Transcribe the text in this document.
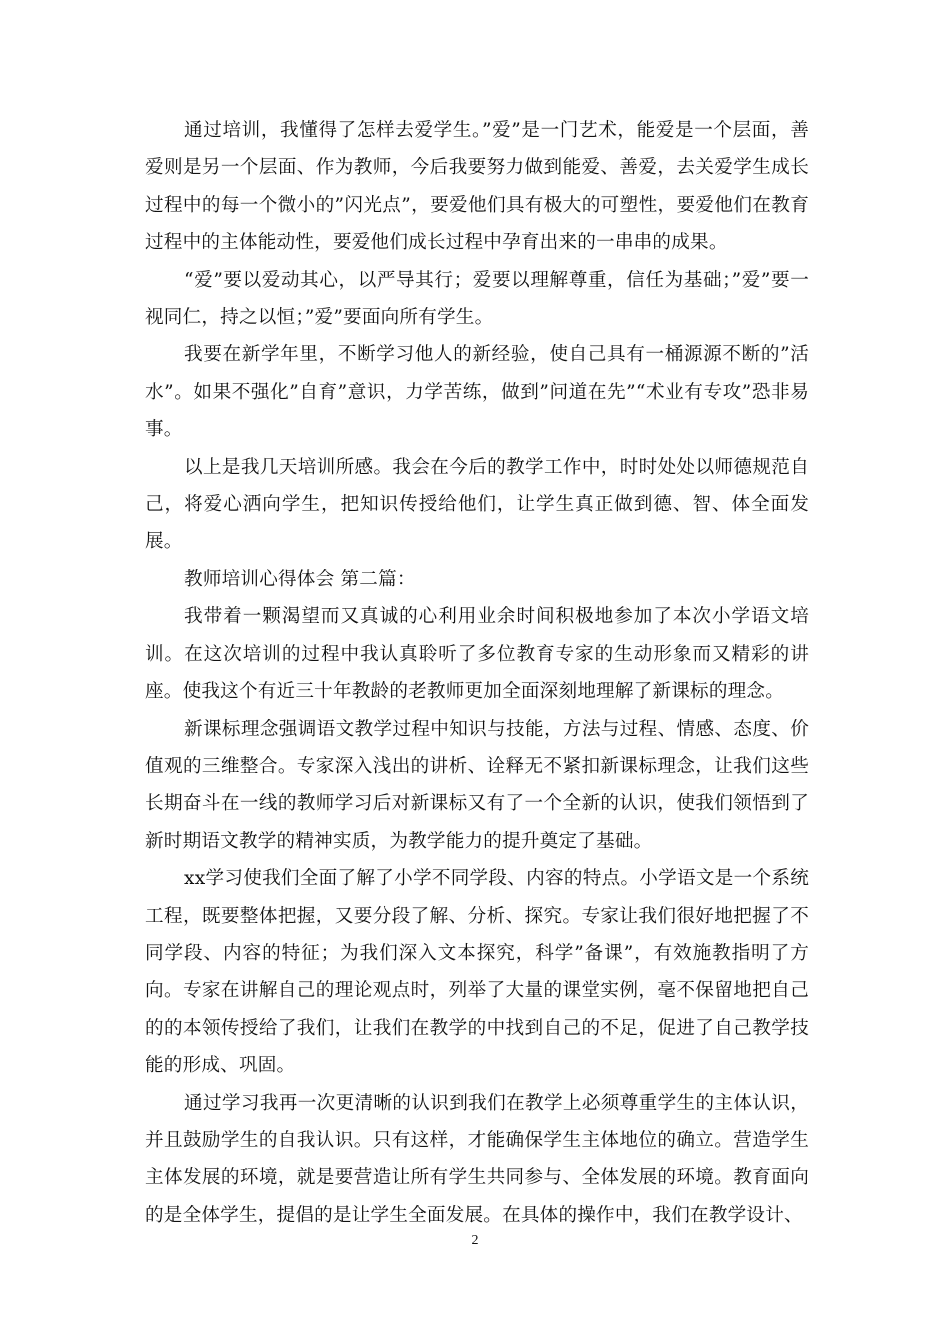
通过培训，我懂得了怎样去爱学生。”爱”是一门艺术，能爱是一个层面，善爱则是另一个层面、作为教师，今后我要努力做到能爱、善爱，去关爱学生成长过程中的每一个微小的”闪光点”，要爱他们具有极大的可塑性，要爱他们在教育过程中的主体能动性，要爱他们成长过程中孕育出来的一串串的成果。

“爱”要以爱动其心，以严导其行；爱要以理解尊重，信任为基础；”爱”要一视同仁，持之以恒；”爱”要面向所有学生。

我要在新学年里，不断学习他人的新经验，使自己具有一桶源源不断的”活水”。如果不强化”自育”意识，力学苦练，做到”问道在先”“术业有专攻”恐非易事。

以上是我几天培训所感。我会在今后的教学工作中，时时处处以师德规范自己，将爱心洒向学生，把知识传授给他们，让学生真正做到德、智、体全面发展。

教师培训心得体会 第二篇：

我带着一颗渴望而又真诚的心利用业余时间积极地参加了本次小学语文培训。在这次培训的过程中我认真聆听了多位教育专家的生动形象而又精彩的讲座。使我这个有近三十年教龄的老教师更加全面深刻地理解了新课标的理念。

新课标理念强调语文教学过程中知识与技能，方法与过程、情感、态度、价值观的三维整合。专家深入浅出的讲析、诠释无不紧扣新课标理念，让我们这些长期奋斗在一线的教师学习后对新课标又有了一个全新的认识，使我们领悟到了新时期语文教学的精神实质，为教学能力的提升奠定了基础。

xx学习使我们全面了解了小学不同学段、内容的特点。小学语文是一个系统工程，既要整体把握，又要分段了解、分析、探究。专家让我们很好地把握了不同学段、内容的特征；为我们深入文本探究，科学”备课”，有效施教指明了方向。专家在讲解自己的理论观点时，列举了大量的课堂实例，毫不保留地把自己的的本领传授给了我们，让我们在教学的中找到自己的不足，促进了自己教学技能的形成、巩固。

通过学习我再一次更清晰的认识到我们在教学上必须尊重学生的主体认识，并且鼓励学生的自我认识。只有这样，才能确保学生主体地位的确立。营造学生主体发展的环境，就是要营造让所有学生共同参与、全体发展的环境。教育面向的是全体学生，提倡的是让学生全面发展。在具体的操作中，我们在教学设计、

2
